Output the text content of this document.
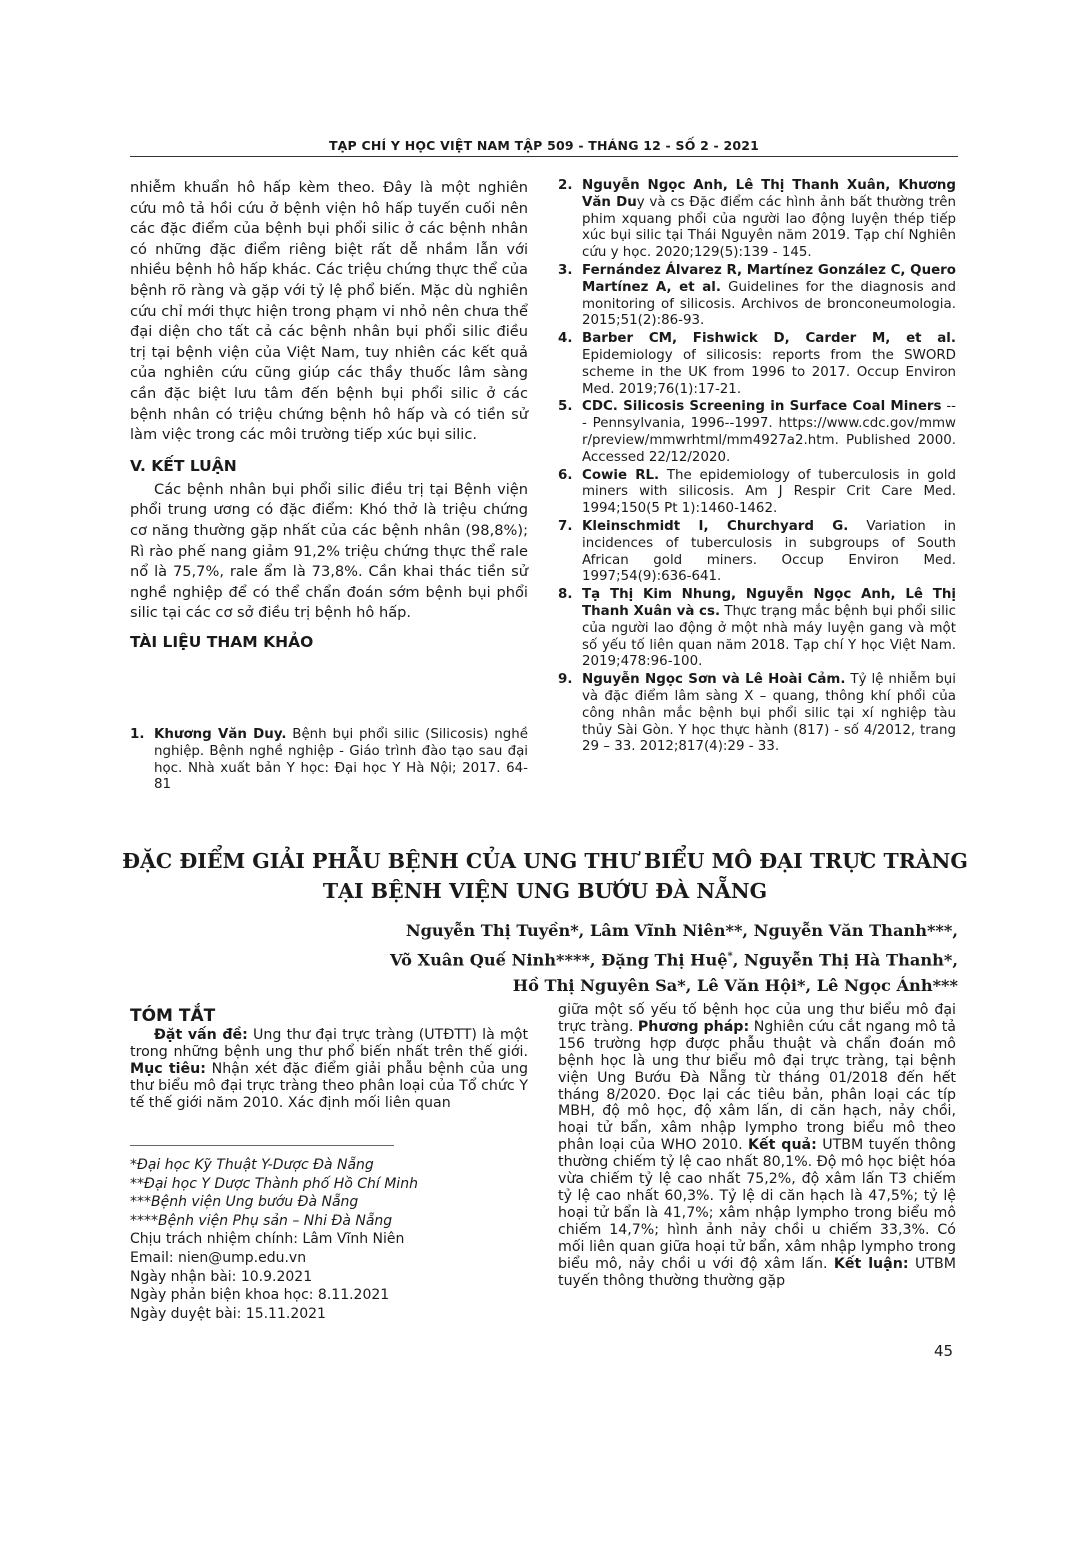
TẠP CHÍ Y HỌC VIỆT NAM TẬP 509 - THÁNG 12 - SỐ 2 - 2021

nhiễm khuẩn hô hấp kèm theo. Đây là một nghiên cứu mô tả hồi cứu ở bệnh viện hô hấp tuyến cuối nên các đặc điểm của bệnh bụi phổi silic ở các bệnh nhân có những đặc điểm riêng biệt rất dễ nhầm lẫn với nhiều bệnh hô hấp khác. Các triệu chứng thực thể của bệnh rõ ràng và gặp với tỷ lệ phổ biến. Mặc dù nghiên cứu chỉ mới thực hiện trong phạm vi nhỏ nên chưa thể đại diện cho tất cả các bệnh nhân bụi phổi silic điều trị tại bệnh viện của Việt Nam, tuy nhiên các kết quả của nghiên cứu cũng giúp các thầy thuốc lâm sàng cần đặc biệt lưu tâm đến bệnh bụi phổi silic ở các bệnh nhân có triệu chứng bệnh hô hấp và có tiền sử làm việc trong các môi trường tiếp xúc bụi silic.

V. KẾT LUẬN

Các bệnh nhân bụi phổi silic điều trị tại Bệnh viện phổi trung ương có đặc điểm: Khó thở là triệu chứng cơ năng thường gặp nhất của các bệnh nhân (98,8%); Rì rào phế nang giảm 91,2% triệu chứng thực thể rale nổ là 75,7%, rale ẩm là 73,8%. Cần khai thác tiền sử nghề nghiệp để có thể chẩn đoán sớm bệnh bụi phổi silic tại các cơ sở điều trị bệnh hô hấp.

TÀI LIỆU THAM KHẢO
1. Khương Văn Duy. Bệnh bụi phổi silic (Silicosis) nghề nghiệp. Bệnh nghề nghiệp - Giáo trình đào tạo sau đại học. Nhà xuất bản Y học: Đại học Y Hà Nội; 2017. 64-81
2. Nguyễn Ngọc Anh, Lê Thị Thanh Xuân, Khương Văn Duy và cs Đặc điểm các hình ảnh bất thường trên phim xquang phổi của người lao động luyện thép tiếp xúc bụi silic tại Thái Nguyên năm 2019. Tạp chí Nghiên cứu y học. 2020;129(5):139 - 145.
3. Fernández Álvarez R, Martínez González C, Quero Martínez A, et al. Guidelines for the diagnosis and monitoring of silicosis. Archivos de bronconeumologia. 2015;51(2):86-93.
4. Barber CM, Fishwick D, Carder M, et al. Epidemiology of silicosis: reports from the SWORD scheme in the UK from 1996 to 2017. Occup Environ Med. 2019;76(1):17-21.
5. CDC. Silicosis Screening in Surface Coal Miners --- Pennsylvania, 1996--1997. https://www.cdc.gov/mmwr/preview/mmwrhtml/mm4927a2.htm. Published 2000. Accessed 22/12/2020.
6. Cowie RL. The epidemiology of tuberculosis in gold miners with silicosis. Am J Respir Crit Care Med. 1994;150(5 Pt 1):1460-1462.
7. Kleinschmidt I, Churchyard G. Variation in incidences of tuberculosis in subgroups of South African gold miners. Occup Environ Med. 1997;54(9):636-641.
8. Tạ Thị Kim Nhung, Nguyễn Ngọc Anh, Lê Thị Thanh Xuân và cs. Thực trạng mắc bệnh bụi phổi silic của người lao động ở một nhà máy luyện gang và một số yếu tố liên quan năm 2018. Tạp chí Y học Việt Nam. 2019;478:96-100.
9. Nguyễn Ngọc Sơn và Lê Hoài Cảm. Tỷ lệ nhiễm bụi và đặc điểm lâm sàng X – quang, thông khí phổi của công nhân mắc bệnh bụi phổi silic tại xí nghiệp tàu thủy Sài Gòn. Y học thực hành (817) - số 4/2012, trang 29 – 33. 2012;817(4):29 - 33.
ĐẶC ĐIỂM GIẢI PHẪU BỆNH CỦA UNG THƯ BIỂU MÔ ĐẠI TRỰC TRÀNG
TẠI BỆNH VIỆN UNG BƯỚU ĐÀ NẴNG
Nguyễn Thị Tuyền*, Lâm Vĩnh Niên**, Nguyễn Văn Thanh***,
Võ Xuân Quế Ninh****, Đặng Thị Huệ*, Nguyễn Thị Hà Thanh*,
Hồ Thị Nguyên Sa*, Lê Văn Hội*, Lê Ngọc Ánh***
TÓM TẮT

Đặt vấn đề: Ung thư đại trực tràng (UTĐTT) là một trong những bệnh ung thư phổ biến nhất trên thế giới. Mục tiêu: Nhận xét đặc điểm giải phẫu bệnh của ung thư biểu mô đại trực tràng theo phân loại của Tổ chức Y tế thế giới năm 2010. Xác định mối liên quan

giữa một số yếu tố bệnh học của ung thư biểu mô đại trực tràng. Phương pháp: Nghiên cứu cắt ngang mô tả 156 trường hợp được phẫu thuật và chẩn đoán mô bệnh học là ung thư biểu mô đại trực tràng, tại bệnh viện Ung Bướu Đà Nẵng từ tháng 01/2018 đến hết tháng 8/2020. Đọc lại các tiêu bản, phân loại các típ MBH, độ mô học, độ xâm lấn, di căn hạch, nảy chồi, hoại tử bẩn, xâm nhập lympho trong biểu mô theo phân loại của WHO 2010. Kết quả: UTBM tuyến thông thường chiếm tỷ lệ cao nhất 80,1%. Độ mô học biệt hóa vừa chiếm tỷ lệ cao nhất 75,2%, độ xâm lấn T3 chiếm tỷ lệ cao nhất 60,3%. Tỷ lệ di căn hạch là 47,5%; tỷ lệ hoại tử bẩn là 41,7%; xâm nhập lympho trong biểu mô chiếm 14,7%; hình ảnh nảy chồi u chiếm 33,3%. Có mối liên quan giữa hoại tử bẩn, xâm nhập lympho trong biểu mô, nảy chồi u với độ xâm lấn. Kết luận: UTBM tuyến thông thường thường gặp

*Đại học Kỹ Thuật Y-Dược Đà Nẵng
**Đại học Y Dược Thành phố Hồ Chí Minh
***Bệnh viện Ung bướu Đà Nẵng
****Bệnh viện Phụ sản – Nhi Đà Nẵng
Chịu trách nhiệm chính: Lâm Vĩnh Niên
Email: nien@ump.edu.vn
Ngày nhận bài: 10.9.2021
Ngày phản biện khoa học: 8.11.2021
Ngày duyệt bài: 15.11.2021
45
